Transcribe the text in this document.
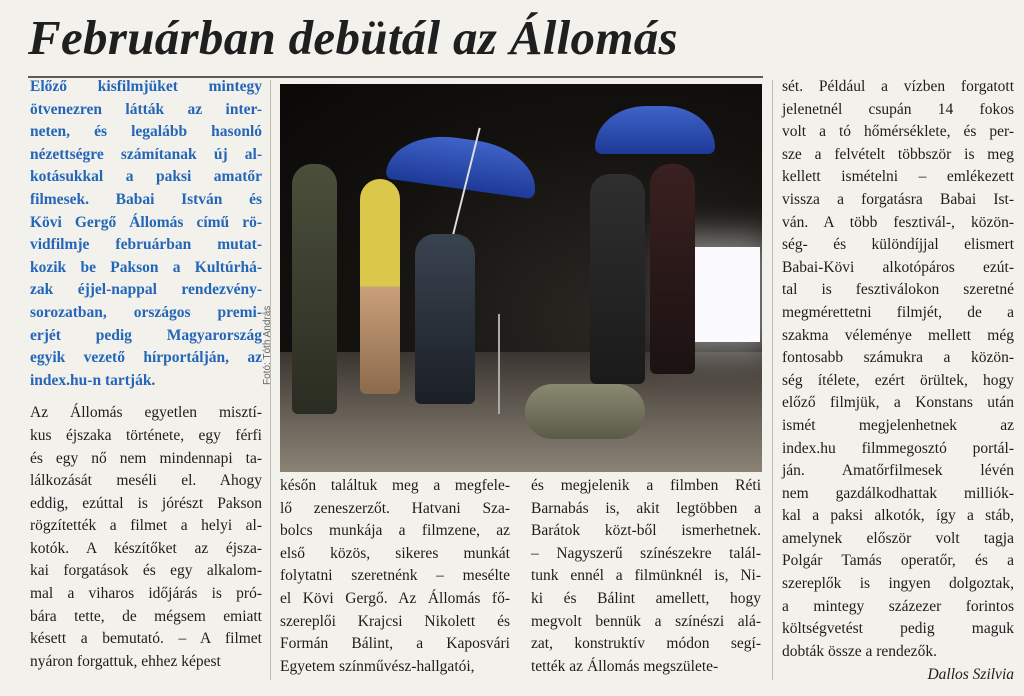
Februárban debütál az Állomás

Előző kisfilmjüket mintegy
ötvenezren látták az inter-
neten, és legalább hasonló
nézettségre számítanak új al-
kotásukkal a paksi amatőr
filmesek. Babai István és
Kövi Gergő Állomás című rö-
vidfilmje februárban mutat-
kozik be Pakson a Kultúrhá-
zak éjjel-nappal rendezvény-
sorozatban, országos premi-
erjét pedig Magyarország
egyik vezető hírportálján, az
index.hu-n tartják.

Az Állomás egyetlen misztí-
kus éjszaka története, egy férfi
és egy nő nem mindennapi ta-
lálkozását meséli el. Ahogy
eddig, ezúttal is jórészt Pakson
rögzítették a filmet a helyi al-
kotók. A készítőket az éjsza-
kai forgatások és egy alkalom-
mal a viharos időjárás is pró-
bára tette, de mégsem emiatt
késett a bemutató. – A filmet
nyáron forgattuk, ehhez képest

Fotó: Tóth András

későn találtuk meg a megfele-
lő zeneszerzőt. Hatvani Sza-
bolcs munkája a filmzene, az
első közös, sikeres munkát
folytatni szeretnénk – mesélte
el Kövi Gergő. Az Állomás fő-
szereplői Krajcsi Nikolett és
Formán Bálint, a Kaposvári
Egyetem színművész-hallgatói,

és megjelenik a filmben Réti
Barnabás is, akit legtöbben a
Barátok közt-ből ismerhetnek.
– Nagyszerű színészekre talál-
tunk ennél a filmünknél is, Ni-
ki és Bálint amellett, hogy
megvolt bennük a színészi alá-
zat, konstruktív módon segí-
tették az Állomás megszülete-

sét. Például a vízben forgatott
jelenetnél csupán 14 fokos
volt a tó hőmérséklete, és per-
sze a felvételt többször is meg
kellett ismételni – emlékezett
vissza a forgatásra Babai Ist-
ván. A több fesztivál-, közön-
ség- és különdíjjal elismert
Babai-Kövi alkotópáros ezút-
tal is fesztiválokon szeretné
megmérettetni filmjét, de a
szakma véleménye mellett még
fontosabb számukra a közön-
ség ítélete, ezért örültek, hogy
előző filmjük, a Konstans után
ismét megjelenhetnek az
index.hu filmmegosztó portál-
ján. Amatőrfilmesek lévén
nem gazdálkodhattak milliók-
kal a paksi alkotók, így a stáb,
amelynek először volt tagja
Polgár Tamás operatőr, és a
szereplők is ingyen dolgoztak,
a mintegy százezer forintos
költségvetést pedig maguk
dobták össze a rendezők.

Dallos Szilvia
